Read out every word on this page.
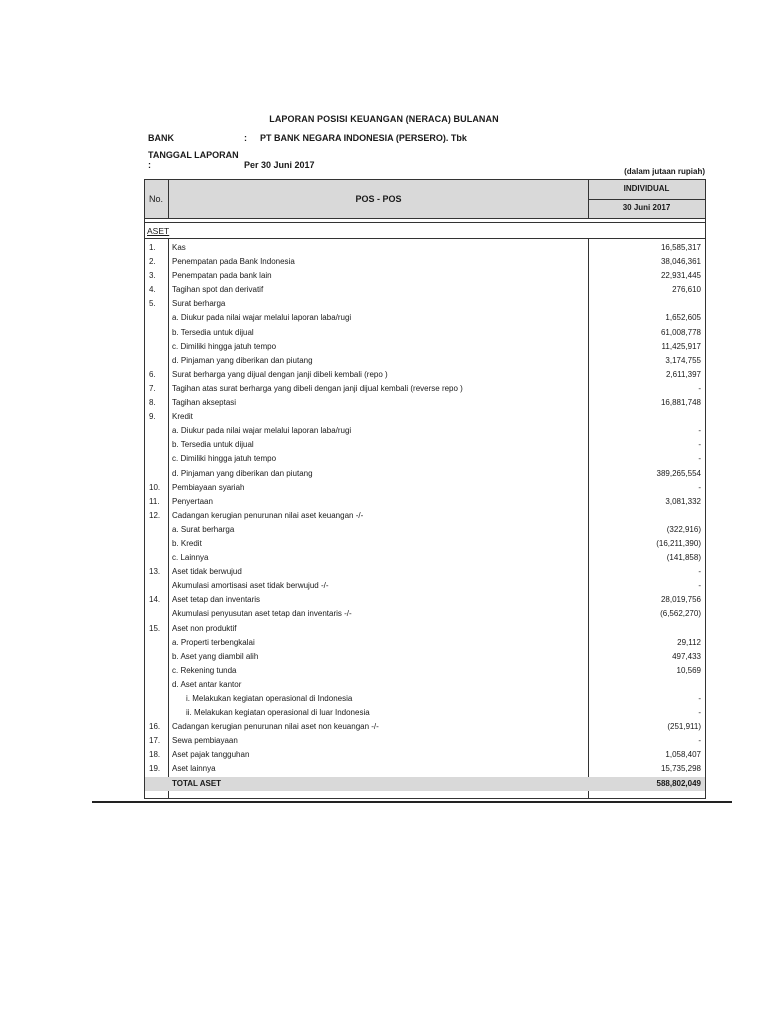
LAPORAN POSISI KEUANGAN (NERACA) BULANAN
BANK	: PT BANK NEGARA INDONESIA (PERSERO). Tbk
TANGGAL LAPORAN :	Per 30 Juni 2017
(dalam jutaan rupiah)
No.	POS - POS
INDIVIDUAL
30 Juni 2017
ASET
1. Kas	16,585,317
2. Penempatan pada Bank Indonesia	38,046,361
3. Penempatan pada bank lain	22,931,445
4. Tagihan spot dan derivatif	276,610
5. Surat berharga
a. Diukur pada nilai wajar melalui laporan laba/rugi	1,652,605
b. Tersedia untuk dijual	61,008,778
c. Dimiliki hingga jatuh tempo	11,425,917
d. Pinjaman yang diberikan dan piutang	3,174,755
6. Surat berharga yang dijual dengan janji dibeli kembali (repo )	2,611,397
7. Tagihan atas surat berharga yang dibeli dengan janji dijual kembali (reverse repo )	-
8. Tagihan akseptasi	16,881,748
9. Kredit
a. Diukur pada nilai wajar melalui laporan laba/rugi	-
b. Tersedia untuk dijual	-
c. Dimiliki hingga jatuh tempo	-
d. Pinjaman yang diberikan dan piutang	389,265,554
10. Pembiayaan syariah	-
11. Penyertaan	3,081,332
12. Cadangan kerugian penurunan nilai aset keuangan -/-
a. Surat berharga	(322,916)
b. Kredit	(16,211,390)
c. Lainnya	(141,858)
13. Aset tidak berwujud	-
Akumulasi amortisasi aset tidak berwujud -/-	-
14. Aset tetap dan inventaris	28,019,756
Akumulasi penyusutan aset tetap dan inventaris -/-	(6,562,270)
15. Aset non produktif
a. Properti terbengkalai	29,112
b. Aset yang diambil alih	497,433
c. Rekening tunda	10,569
d. Aset antar kantor
i. Melakukan kegiatan operasional di Indonesia	-
ii. Melakukan kegiatan operasional di luar Indonesia	-
16. Cadangan kerugian penurunan nilai aset non keuangan -/-	(251,911)
17. Sewa pembiayaan	-
18. Aset pajak tangguhan	1,058,407
19. Aset lainnya	15,735,298
TOTAL ASET	588,802,049
